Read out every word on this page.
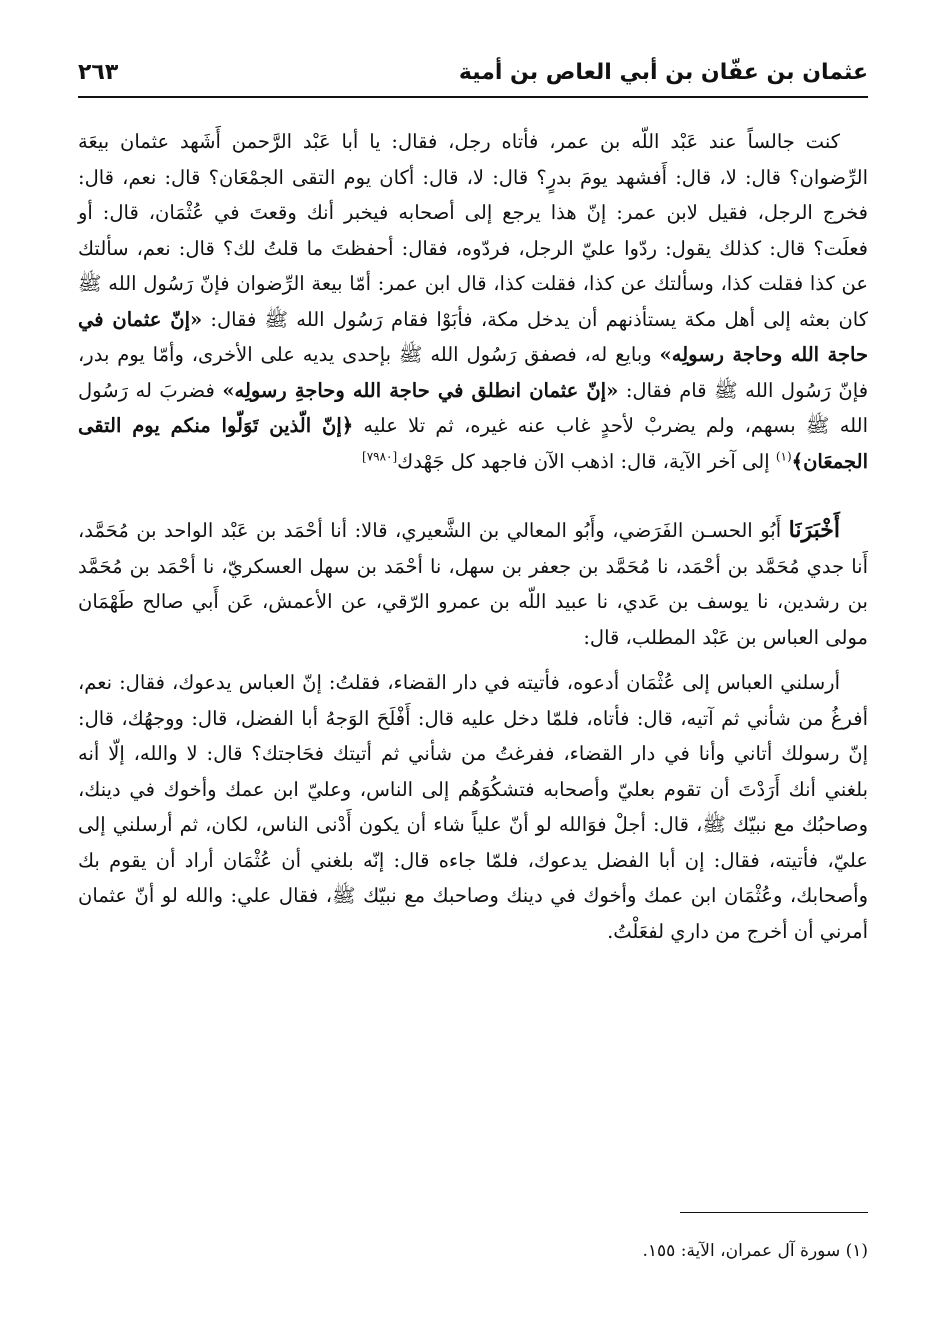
عثمان بن عفّان بن أبي العاص بن أمية
٢٦٣

كنت جالساً عند عَبْد اللّه بن عمر، فأتاه رجل، فقال: يا أبا عَبْد الرَّحمن أَشَهد عثمان بيعَة الرِّضوان؟ قال: لا، قال: أَفشهد يومَ بدرٍ؟ قال: لا، قال: أكان يوم التقى الجمْعَان؟ قال: نعم، قال: فخرج الرجل، فقيل لابن عمر: إنّ هذا يرجع إلى أصحابه فيخبر أنك وقعتَ في عُثْمَان، قال: أو فعلَت؟ قال: كذلك يقول: ردّوا عليّ الرجل، فردّوه، فقال: أحفظتَ ما قلتُ لك؟ قال: نعم، سألتك عن كذا فقلت كذا، وسألتك عن كذا، فقلت كذا، قال ابن عمر: أمّا بيعة الرِّضوان فإنّ رَسُول الله ﷺ كان بعثه إلى أهل مكة يستأذنهم أن يدخل مكة، فأبَوْا فقام رَسُول الله ﷺ فقال: «إنّ عثمان في حاجة الله وحاجة رسولِه» وبايع له، فصفق رَسُول الله ﷺ بإحدى يديه على الأخرى، وأمّا يوم بدر، فإنّ رَسُول الله ﷺ قام فقال: «إنّ عثمان انطلق في حاجة الله وحاجةِ رسولِه» فضربَ له رَسُول الله ﷺ بسهم، ولم يضربْ لأحدٍ غاب عنه غيره، ثم تلا عليه ﴿إنّ الّذين تَوَلّوا منكم يوم التقى الجمعَان﴾$^{(١)}$ إلى آخر الآية، قال: اذهب الآن فاجهد كل جَهْدك[٧٩٨٠]

أَخْبَرَنَا أَبُو الحسـن الفَرَضي، وأَبُو المعالي بن الشَّعيري، قالا: أنا أحْمَد بن عَبْد الواحد بن مُحَمَّد، أَنا جدي مُحَمَّد بن أحْمَد، نا مُحَمَّد بن جعفر بن سهل، نا أحْمَد بن سهل العسكريّ، نا أحْمَد بن مُحَمَّد بن رشدين، نا يوسف بن عَدي، نا عبيد اللّه بن عمرو الرّقي، عن الأعمش، عَن أَبي صالح طَهْمَان مولى العباس بن عَبْد المطلب، قال:

أرسلني العباس إلى عُثْمَان أدعوه، فأتيته في دار القضاء، فقلتُ: إنّ العباس يدعوك، فقال: نعم، أفرغُ من شأني ثم آتيه، قال: فأتاه، فلمّا دخل عليه قال: أَفْلَحَ الوَجهُ أبا الفضل، قال: ووجهُك، قال: إنّ رسولك أتاني وأنا في دار القضاء، ففرغتُ من شأني ثم أتيتك فحَاجتك؟ قال: لا والله، إلّا أنه بلغني أنك أَرَدْتَ أن تقوم بعليّ وأصحابه فتشكُوَهُم إلى الناس، وعليّ ابن عمك وأخوك في دينك، وصاحبُك مع نبيّك ﷺ، قال: أجلْ فوَالله لو أنّ علياً شاء أن يكون أَدْنى الناس، لكان، ثم أرسلني إلى عليّ، فأتيته، فقال: إن أبا الفضل يدعوك، فلمّا جاءه قال: إنّه بلغني أن عُثْمَان أراد أن يقوم بك وأصحابك، وعُثْمَان ابن عمك وأخوك في دينك وصاحبك مع نبيّك ﷺ، فقال علي: والله لو أنّ عثمان أمرني أن أخرج من داري لفعَلْتُ.

(١) سورة آل عمران، الآية: ١٥٥.
